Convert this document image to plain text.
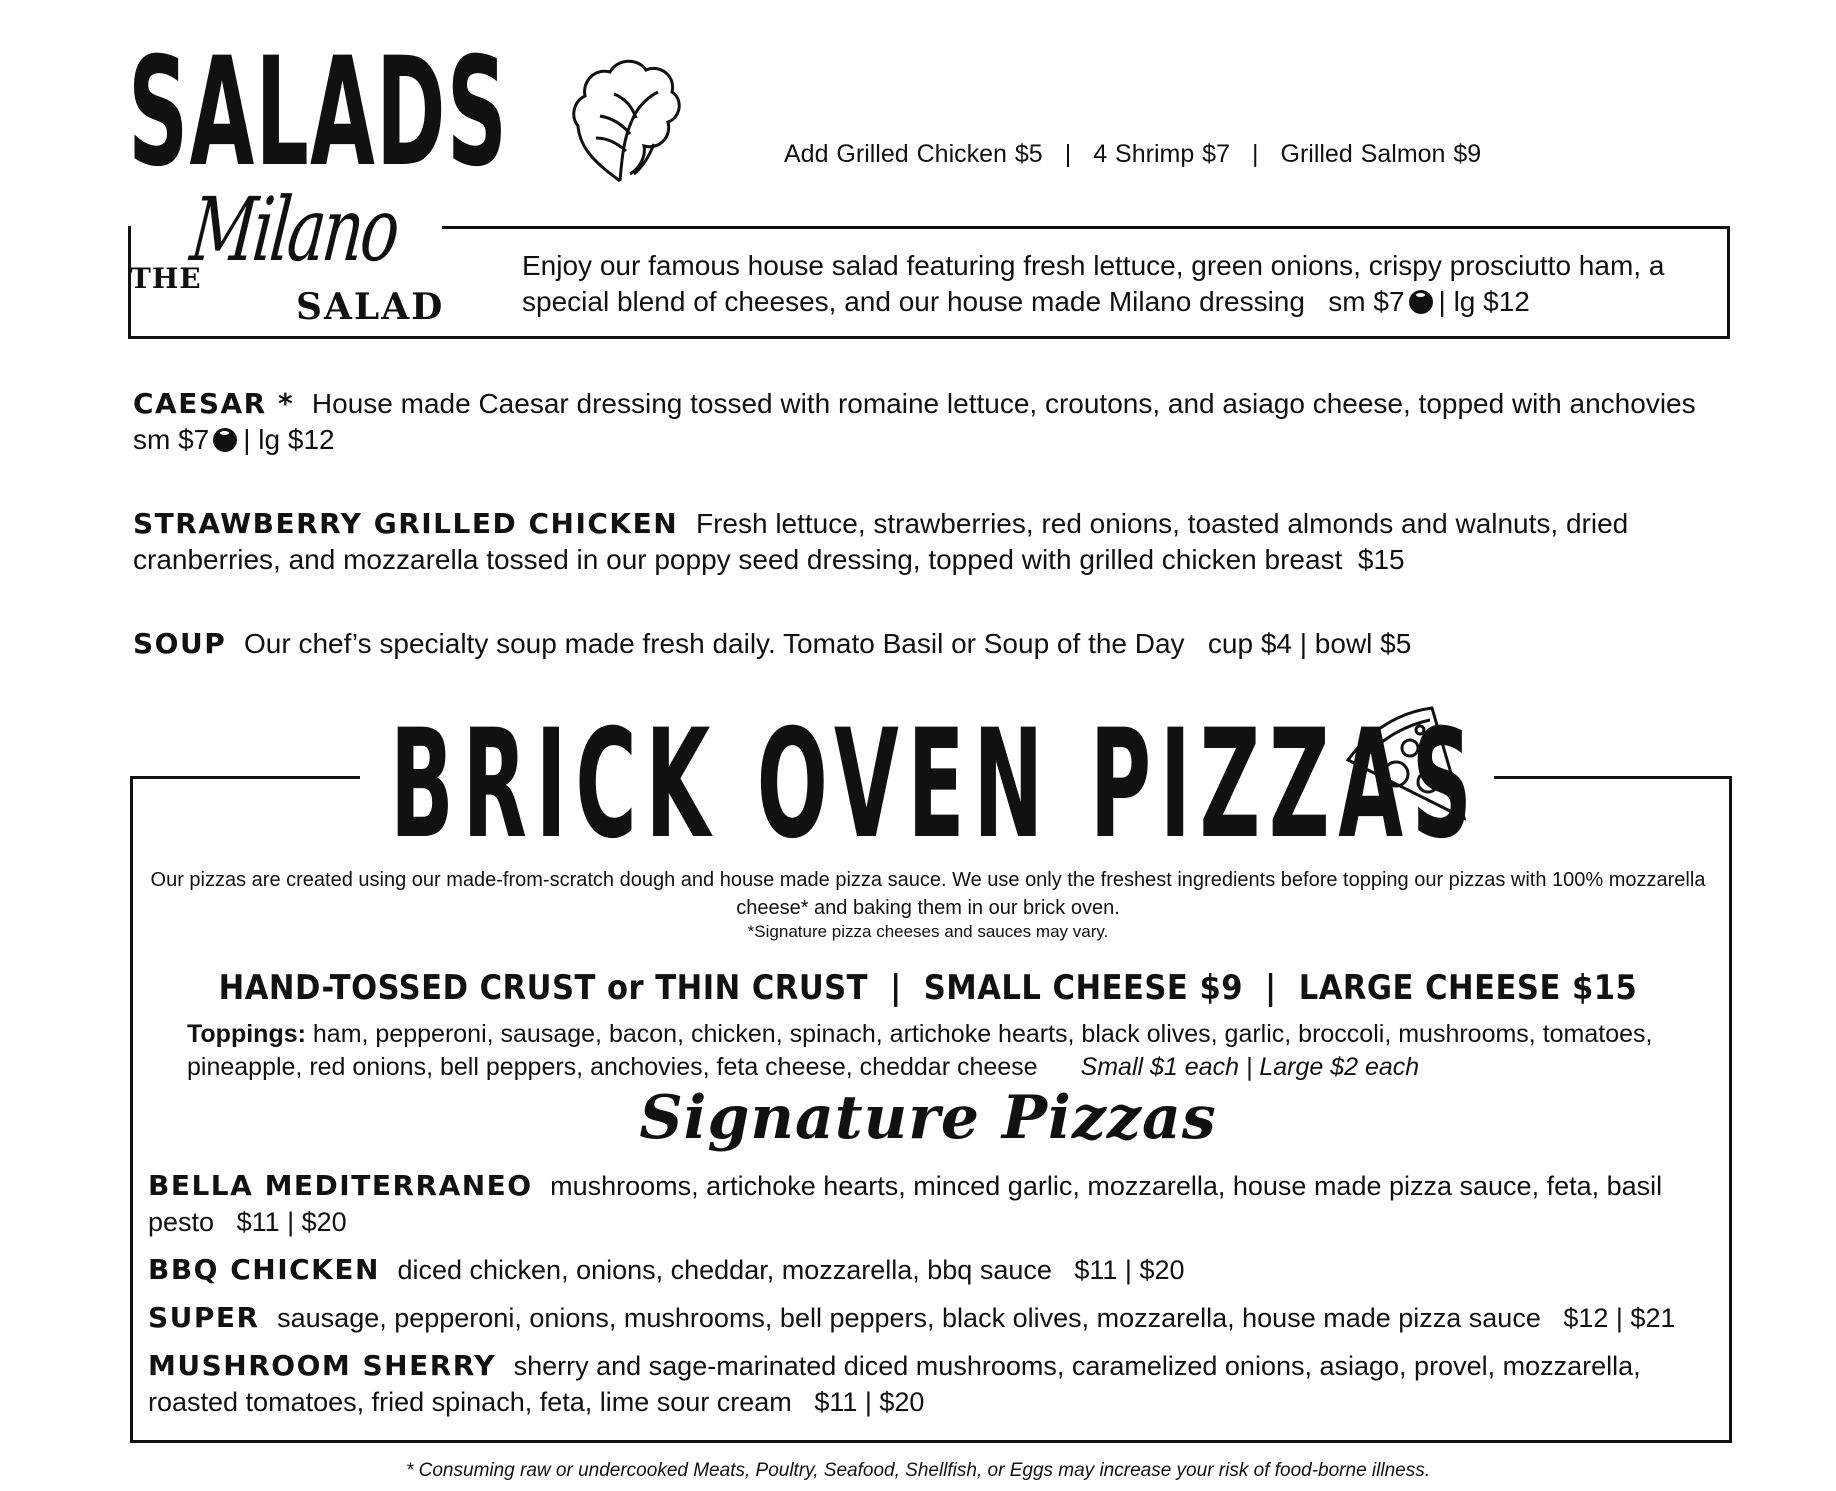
SALADS	Add Grilled Chicken $5 | 4 Shrimp $7 | Grilled Salmon $9
THE
Milano
SALAD
Enjoy our famous house salad featuring fresh lettuce, green onions, crispy prosciutto ham, a special blend of cheeses, and our house made Milano dressing sm $7 | lg $12
CAESAR * House made Caesar dressing tossed with romaine lettuce, croutons, and asiago cheese, topped with anchovies
sm $7 | lg $12
STRAWBERRY GRILLED CHICKEN Fresh lettuce, strawberries, red onions, toasted almonds and walnuts, dried cranberries, and mozzarella tossed in our poppy seed dressing, topped with grilled chicken breast $15
SOUP Our chef’s specialty soup made fresh daily. Tomato Basil or Soup of the Day cup $4 | bowl $5
BRICK OVEN PIZZAS
Our pizzas are created using our made-from-scratch dough and house made pizza sauce. We use only the freshest ingredients before topping our pizzas with 100% mozzarella cheese* and baking them in our brick oven.
*Signature pizza cheeses and sauces may vary.
HAND-TOSSED CRUST or THIN CRUST | SMALL CHEESE $9 | LARGE CHEESE $15
Toppings: ham, pepperoni, sausage, bacon, chicken, spinach, artichoke hearts, black olives, garlic, broccoli, mushrooms, tomatoes, pineapple, red onions, bell peppers, anchovies, feta cheese, cheddar cheese Small $1 each | Large $2 each
Signature Pizzas
BELLA MEDITERRANEO mushrooms, artichoke hearts, minced garlic, mozzarella, house made pizza sauce, feta, basil pesto $11 | $20
BBQ CHICKEN diced chicken, onions, cheddar, mozzarella, bbq sauce $11 | $20
SUPER sausage, pepperoni, onions, mushrooms, bell peppers, black olives, mozzarella, house made pizza sauce $12 | $21
MUSHROOM SHERRY sherry and sage-marinated diced mushrooms, caramelized onions, asiago, provel, mozzarella, roasted tomatoes, fried spinach, feta, lime sour cream $11 | $20
* Consuming raw or undercooked Meats, Poultry, Seafood, Shellfish, or Eggs may increase your risk of food-borne illness.
